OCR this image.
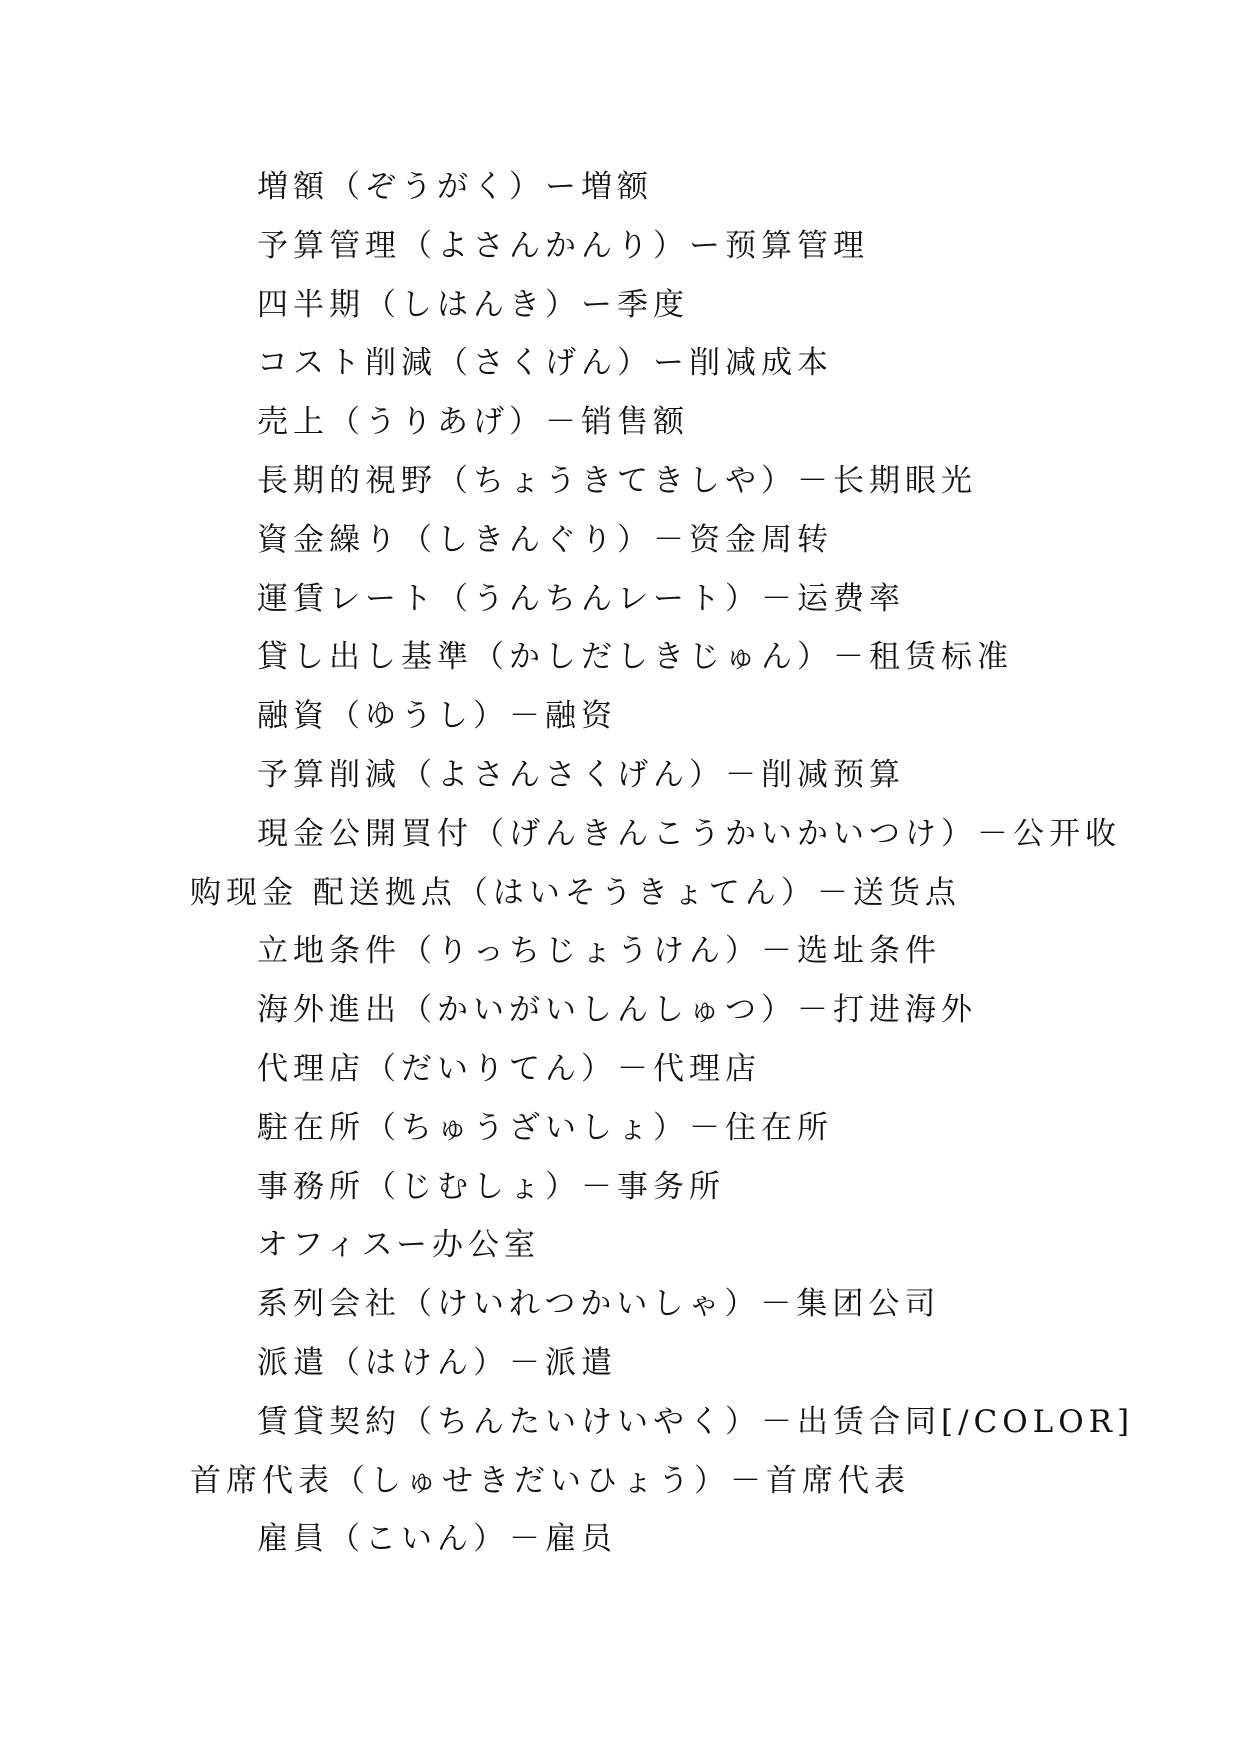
増額（ぞうがく）ー増额
予算管理（よさんかんり）ー预算管理
四半期（しはんき）ー季度
コスト削減（さくげん）ー削减成本
売上（うりあげ）－销售额
長期的視野（ちょうきてきしや）－长期眼光
資金繰り（しきんぐり）－资金周转
運賃レート（うんちんレート）－运费率
貸し出し基準（かしだしきじゅん）－租赁标准
融資（ゆうし）－融资
予算削減（よさんさくげん）－削减预算
現金公開買付（げんきんこうかいかいつけ）－公开收
购现金 配送拠点（はいそうきょてん）－送货点
立地条件（りっちじょうけん）－选址条件
海外進出（かいがいしんしゅつ）－打进海外
代理店（だいりてん）－代理店
駐在所（ちゅうざいしょ）－住在所
事務所（じむしょ）－事务所
オフィスー办公室
系列会社（けいれつかいしゃ）－集团公司
派遣（はけん）－派遣
賃貸契約（ちんたいけいやく）－出赁合同[/COLOR]
首席代表（しゅせきだいひょう）－首席代表
雇員（こいん）－雇员
